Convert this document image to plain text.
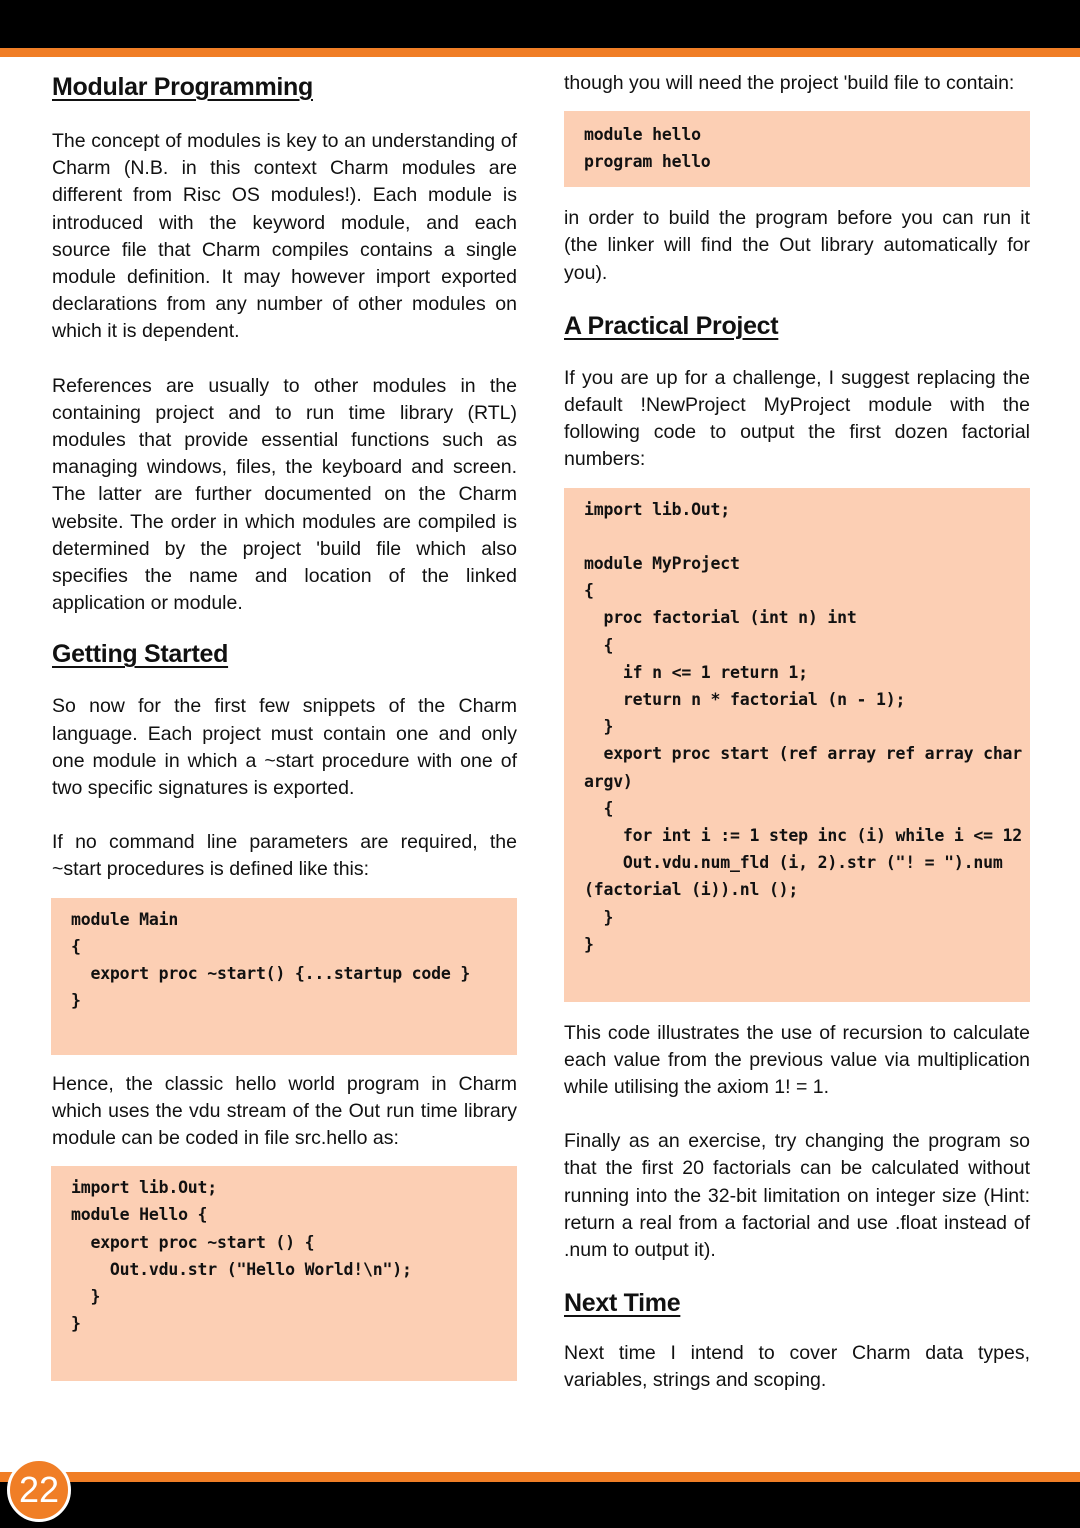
Modular Programming

The concept of modules is key to an understanding of Charm (N.B. in this context Charm modules are different from Risc OS modules!). Each module is introduced with the keyword module, and each source file that Charm compiles contains a single module definition. It may however import exported declarations from any number of other modules on which it is dependent.

References are usually to other modules in the containing project and to run time library (RTL) modules that provide essential functions such as managing windows, files, the keyboard and screen. The latter are further documented on the Charm website. The order in which modules are compiled is determined by the project 'build file which also specifies the name and location of the linked application or module.

Getting Started

So now for the first few snippets of the Charm language. Each project must contain one and only one module in which a ~start procedure with one of two specific signatures is exported.

If no command line parameters are required, the ~start procedures is defined like this:

module Main
{
export proc ~start() {...startup code }
}

Hence, the classic hello world program in Charm which uses the vdu stream of the Out run time library module can be coded in file src.hello as:

import lib.Out;
module Hello {
export proc ~start () {
Out.vdu.str ("Hello World!\n");
}
}

though you will need the project 'build file to contain:

module hello
program hello

in order to build the program before you can run it (the linker will find the Out library automatically for you).

A Practical Project

If you are up for a challenge, I suggest replacing the default !NewProject MyProject module with the following code to output the first dozen factorial numbers:

import lib.Out;

module MyProject
{
proc factorial (int n) int
{
if n <= 1 return 1;
return n * factorial (n - 1);
}
export proc start (ref array ref array char
argv)
{
for int i := 1 step inc (i) while i <= 12
Out.vdu.num_fld (i, 2).str ("! = ").num
(factorial (i)).nl ();
}
}

This code illustrates the use of recursion to calculate each value from the previous value via multiplication while utilising the axiom 1! = 1.

Finally as an exercise, try changing the program so that the first 20 factorials can be calculated without running into the 32-bit limitation on integer size (Hint: return a real from a factorial and use .float instead of .num to output it).

Next Time

Next time I intend to cover Charm data types, variables, strings and scoping.

22
